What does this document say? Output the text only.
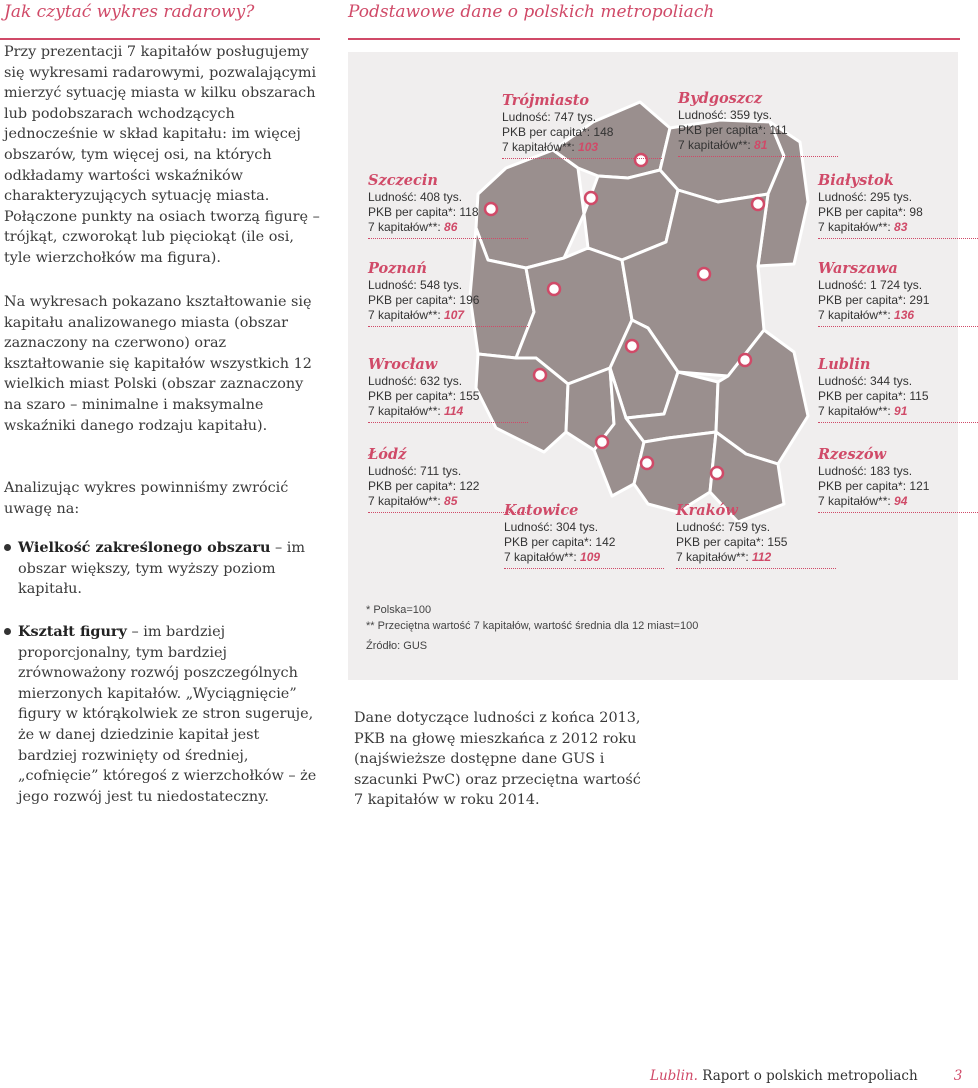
Jak czytać wykres radarowy?	Podstawowe dane o polskich metropoliach

Przy prezentacji 7 kapitałów posługujemy się wykresami radarowymi, pozwalającymi mierzyć sytuację miasta w kilku obszarach lub podobszarach wchodzących jednocześnie w skład kapitału: im więcej obszarów, tym więcej osi, na których odkładamy wartości wskaźników charakteryzujących sytuację miasta. Połączone punkty na osiach tworzą figurę – trójkąt, czworokąt lub pięciokąt (ile osi, tyle wierzchołków ma figura).

Na wykresach pokazano kształtowanie się kapitału analizowanego miasta (obszar zaznaczony na czerwono) oraz kształtowanie się kapitałów wszystkich 12 wielkich miast Polski (obszar zaznaczony na szaro – minimalne i maksymalne wskaźniki danego rodzaju kapitału).

Analizując wykres powinniśmy zwrócić uwagę na:

Wielkość zakreślonego obszaru – im obszar większy, tym wyższy poziom kapitału.
Kształt figury – im bardziej proporcjonalny, tym bardziej zrównoważony rozwój poszczególnych mierzonych kapitałów. „Wyciągnięcie” figury w którąkolwiek ze stron sugeruje, że w danej dziedzinie kapitał jest bardziej rozwinięty od średniej, „cofnięcie” któregoś z wierzchołków – że jego rozwój jest tu niedostateczny.
Trójmiasto
Ludność: 747 tys.
PKB per capita*: 148
7 kapitałów**: 103
Bydgoszcz
Ludność: 359 tys.
PKB per capita*: 111
7 kapitałów**: 81
Szczecin
Ludność: 408 tys.
PKB per capita*: 118
7 kapitałów**: 86
Białystok
Ludność: 295 tys.
PKB per capita*: 98
7 kapitałów**: 83
Poznań
Ludność: 548 tys.
PKB per capita*: 196
7 kapitałów**: 107
Warszawa
Ludność: 1 724 tys.
PKB per capita*: 291
7 kapitałów**: 136
Wrocław
Ludność: 632 tys.
PKB per capita*: 155
7 kapitałów**: 114
Lublin
Ludność: 344 tys.
PKB per capita*: 115
7 kapitałów**: 91
Łódź
Ludność: 711 tys.
PKB per capita*: 122
7 kapitałów**: 85
Rzeszów
Ludność: 183 tys.
PKB per capita*: 121
7 kapitałów**: 94
Katowice
Ludność: 304 tys.
PKB per capita*: 142
7 kapitałów**: 109
Kraków
Ludność: 759 tys.
PKB per capita*: 155
7 kapitałów**: 112
* Polska=100
** Przeciętna wartość 7 kapitałów, wartość średnia dla 12 miast=100
Źródło: GUS

Dane dotyczące ludności z końca 2013, PKB na głowę mieszkańca z 2012 roku (najświeższe dostępne dane GUS i szacunki PwC) oraz przeciętna wartość 7 kapitałów w roku 2014.

Lublin. Raport o polskich metropoliach	3
